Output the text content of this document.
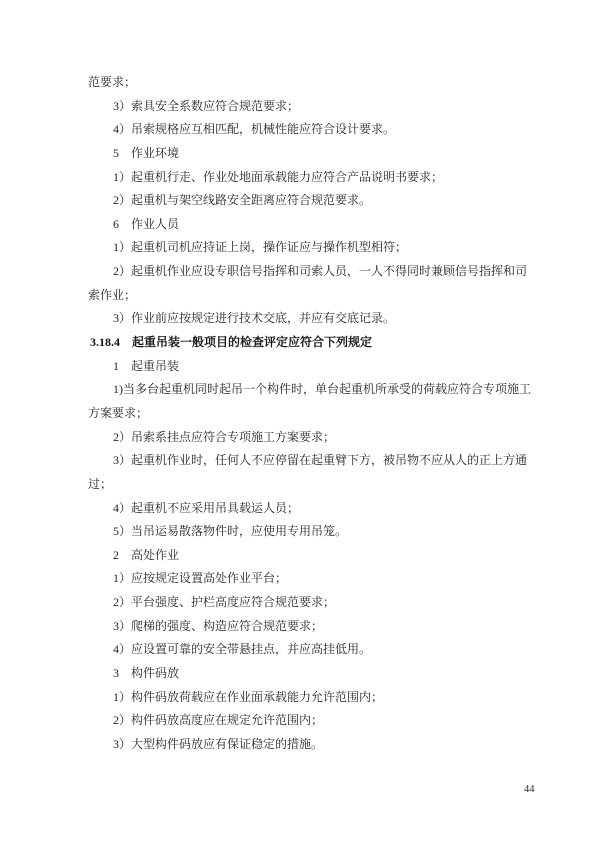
范要求；
3）索具安全系数应符合规范要求；
4）吊索规格应互相匹配，机械性能应符合设计要求。
5　作业环境
1）起重机行走、作业处地面承载能力应符合产品说明书要求；
2）起重机与架空线路安全距离应符合规范要求。
6　作业人员
1）起重机司机应持证上岗，操作证应与操作机型相符；
2）起重机作业应设专职信号指挥和司索人员，一人不得同时兼顾信号指挥和司
索作业；
3）作业前应按规定进行技术交底，并应有交底记录。
3.18.4　起重吊装一般项目的检查评定应符合下列规定
1　起重吊装
1)当多台起重机同时起吊一个构件时，单台起重机所承受的荷载应符合专项施工
方案要求；
2）吊索系挂点应符合专项施工方案要求；
3）起重机作业时，任何人不应停留在起重臂下方，被吊物不应从人的正上方通
过；
4）起重机不应采用吊具载运人员；
5）当吊运易散落物件时，应使用专用吊笼。
2　高处作业
1）应按规定设置高处作业平台；
2）平台强度、护栏高度应符合规范要求；
3）爬梯的强度、构造应符合规范要求；
4）应设置可靠的安全带悬挂点，并应高挂低用。
3　构件码放
1）构件码放荷载应在作业面承载能力允许范围内；
2）构件码放高度应在规定允许范围内；
3）大型构件码放应有保证稳定的措施。
44
